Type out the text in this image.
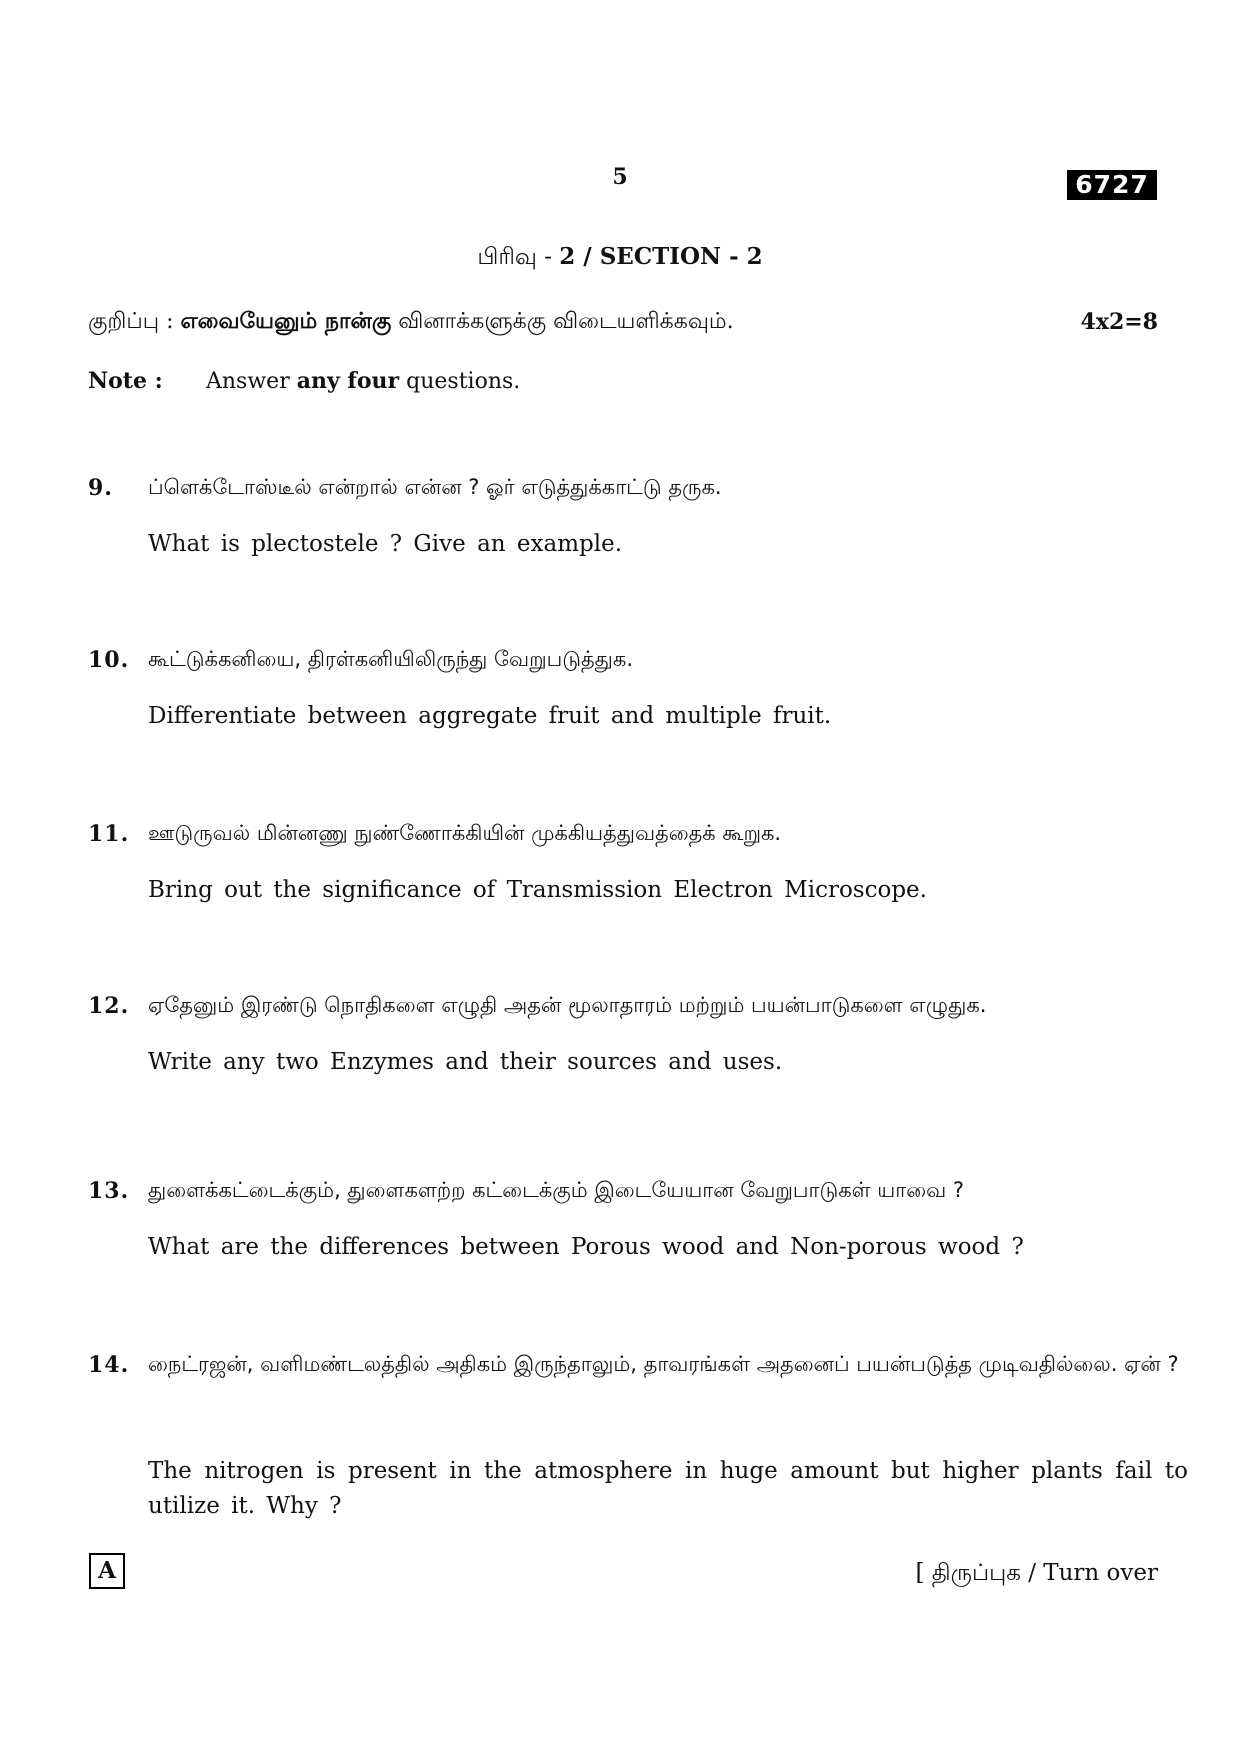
5	6727
பிரிவு - 2 / SECTION - 2
குறிப்பு : எவையேனும் நான்கு வினாக்களுக்கு விடையளிக்கவும்.	4x2=8
Note : Answer any four questions.
9. ப்ளெக்டோஸ்டீல் என்றால் என்ன ? ஓர் எடுத்துக்காட்டு தருக.
What is plectostele ? Give an example.
10. கூட்டுக்கனியை, திரள்கனியிலிருந்து வேறுபடுத்துக.
Differentiate between aggregate fruit and multiple fruit.
11. ஊடுருவல் மின்னணு நுண்ணோக்கியின் முக்கியத்துவத்தைக் கூறுக.
Bring out the significance of Transmission Electron Microscope.
12. ஏதேனும் இரண்டு நொதிகளை எழுதி அதன் மூலாதாரம் மற்றும் பயன்பாடுகளை எழுதுக.
Write any two Enzymes and their sources and uses.
13. துளைக்கட்டைக்கும், துளைகளற்ற கட்டைக்கும் இடையேயான வேறுபாடுகள் யாவை ?
What are the differences between Porous wood and Non-porous wood ?
14. நைட்ரஜன், வளிமண்டலத்தில் அதிகம் இருந்தாலும், தாவரங்கள் அதனைப் பயன்படுத்த முடிவதில்லை. ஏன் ?
The nitrogen is present in the atmosphere in huge amount but higher plants fail to utilize it. Why ?
A	[ திருப்புக / Turn over
